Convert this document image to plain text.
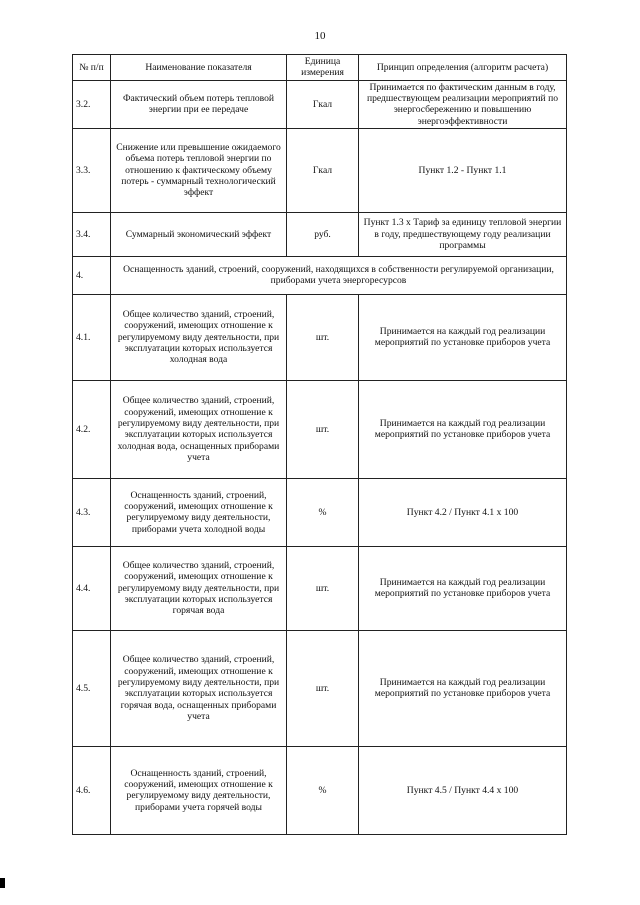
10
№ п/п	Наименование показателя	Единица измерения	Принцип определения (алгоритм расчета)
3.2.	Фактический объем потерь тепловой энергии при ее передаче	Гкал	Принимается по фактическим данным в году, предшествующем реализации мероприятий по энергосбережению и повышению энергоэффективности
3.3.	Снижение или превышение ожидаемого объема потерь тепловой энергии по отношению к фактическому объему потерь - суммарный технологический эффект	Гкал	Пункт 1.2 - Пункт 1.1
3.4.	Суммарный экономический эффект	руб.	Пункт 1.3 х Тариф за единицу тепловой энергии в году, предшествующему году реализации программы
4.	Оснащенность зданий, строений, сооружений, находящихся в собственности регулируемой организации, приборами учета энергоресурсов		
4.1.	Общее количество зданий, строений, сооружений, имеющих отношение к регулируемому виду деятельности, при эксплуатации которых используется холодная вода	шт.	Принимается на каждый год реализации мероприятий по установке приборов учета
4.2.	Общее количество зданий, строений, сооружений, имеющих отношение к регулируемому виду деятельности, при эксплуатации которых используется холодная вода, оснащенных приборами учета	шт.	Принимается на каждый год реализации мероприятий по установке приборов учета
4.3.	Оснащенность зданий, строений, сооружений, имеющих отношение к регулируемому виду деятельности, приборами учета холодной воды	%	Пункт 4.2 / Пункт 4.1 х 100
4.4.	Общее количество зданий, строений, сооружений, имеющих отношение к регулируемому виду деятельности, при эксплуатации которых используется горячая вода	шт.	Принимается на каждый год реализации мероприятий по установке приборов учета
4.5.	Общее количество зданий, строений, сооружений, имеющих отношение к регулируемому виду деятельности, при эксплуатации которых используется горячая вода, оснащенных приборами учета	шт.	Принимается на каждый год реализации мероприятий по установке приборов учета
4.6.	Оснащенность зданий, строений, сооружений, имеющих отношение к регулируемому виду деятельности, приборами учета горячей воды	%	Пункт 4.5 / Пункт 4.4 х 100
